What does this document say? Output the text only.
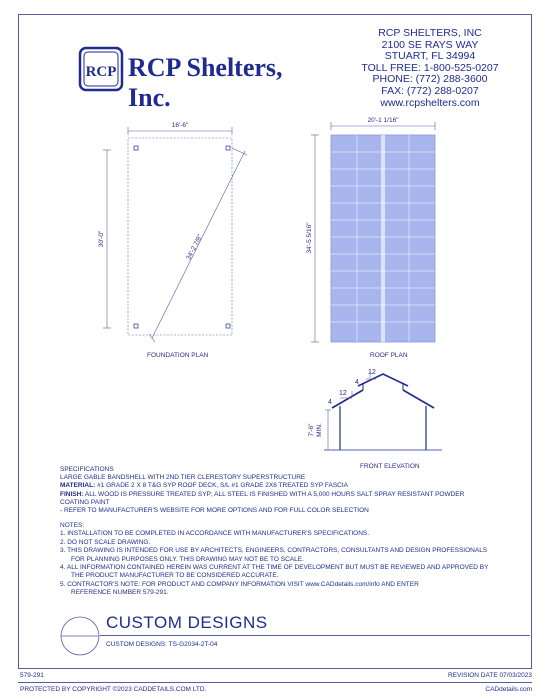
RCP RCP Shelters, Inc.
RCP SHELTERS, INC
2100 SE RAYS WAY
STUART, FL 34994
TOLL FREE: 1-800-525-0207
PHONE: (772) 288-3600
FAX: (772) 288-0207
www.rcpshelters.com
16'-6"
30'-0"	34'-2 7/8"
FOUNDATION PLAN
20'-1 1/16"
34'-5 5/16"
ROOF PLAN
4
12
4
12
7'-6" MIN.
FRONT ELEVATION
SPECIFICATIONS
LARGE GABLE BANDSHELL WITH 2ND TIER CLERESTORY SUPERSTRUCTURE
MATERIAL: #1 GRADE 2 X 8 T&G SYP ROOF DECK, S/L #1 GRADE 2X6 TREATED SYP FASCIA
FINISH: ALL WOOD IS PRESSURE TREATED SYP; ALL STEEL IS FINISHED WITH A 5,000 HOURS SALT SPRAY RESISTANT POWDER
COATING PAINT
- REFER TO MANUFACTURER'S WEBSITE FOR MORE OPTIONS AND FOR FULL COLOR SELECTION
NOTES:
1. INSTALLATION TO BE COMPLETED IN ACCORDANCE WITH MANUFACTURER'S SPECIFICATIONS.
2. DO NOT SCALE DRAWING.
3. THIS DRAWING IS INTENDED FOR USE BY ARCHITECTS, ENGINEERS, CONTRACTORS, CONSULTANTS AND DESIGN PROFESSIONALS
FOR PLANNING PURPOSES ONLY. THIS DRAWING MAY NOT BE TO SCALE.
4. ALL INFORMATION CONTAINED HEREIN WAS CURRENT AT THE TIME OF DEVELOPMENT BUT MUST BE REVIEWED AND APPROVED BY
THE PRODUCT MANUFACTURER TO BE CONSIDERED ACCURATE.
5. CONTRACTOR'S NOTE: FOR PRODUCT AND COMPANY INFORMATION VISIT www.CADdetails.com/info AND ENTER
REFERENCE NUMBER 579-291.
CUSTOM DESIGNS
CUSTOM DESIGNS: TS-G2034-2T-04
579-291	REVISION DATE 07/03/2023
PROTECTED BY COPYRIGHT ©2023 CADDETAILS.COM LTD.	CADdetails.com
